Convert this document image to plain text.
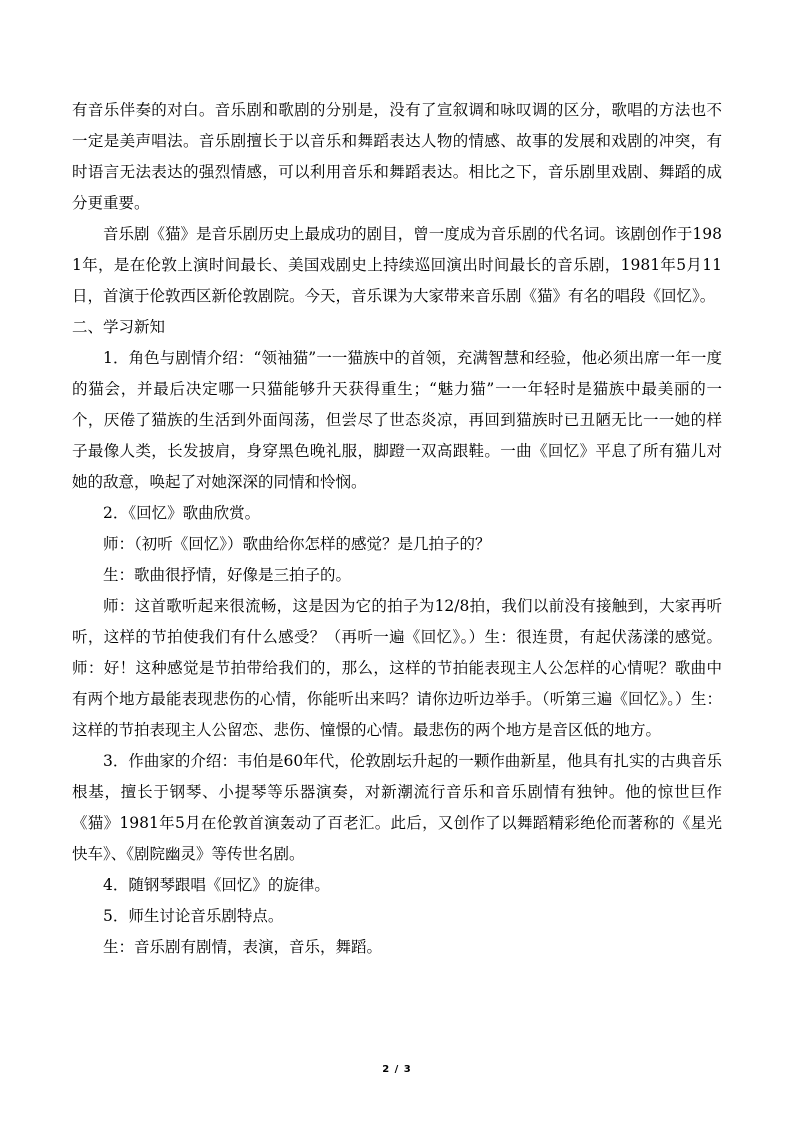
有音乐伴奏的对白。音乐剧和歌剧的分别是，没有了宣叙调和咏叹调的区分，歌唱的方法也不一定是美声唱法。音乐剧擅长于以音乐和舞蹈表达人物的情感、故事的发展和戏剧的冲突，有时语言无法表达的强烈情感，可以利用音乐和舞蹈表达。相比之下，音乐剧里戏剧、舞蹈的成分更重要。

音乐剧《猫》是音乐剧历史上最成功的剧目，曾一度成为音乐剧的代名词。该剧创作于1981年，是在伦敦上演时间最长、美国戏剧史上持续巡回演出时间最长的音乐剧，1981年5月11日，首演于伦敦西区新伦敦剧院。今天，音乐课为大家带来音乐剧《猫》有名的唱段《回忆》。

二、学习新知

1．角色与剧情介绍：“领袖猫”一一猫族中的首领，充满智慧和经验，他必须出席一年一度的猫会，并最后决定哪一只猫能够升天获得重生；“魅力猫”一一年轻时是猫族中最美丽的一个，厌倦了猫族的生活到外面闯荡，但尝尽了世态炎凉，再回到猫族时已丑陋无比一一她的样子最像人类，长发披肩，身穿黑色晚礼服，脚蹬一双高跟鞋。一曲《回忆》平息了所有猫儿对她的敌意，唤起了对她深深的同情和怜悯。

2．《回忆》歌曲欣赏。

师：（初听《回忆》）歌曲给你怎样的感觉？是几拍子的？

生：歌曲很抒情，好像是三拍子的。

师：这首歌听起来很流畅，这是因为它的拍子为12/8拍，我们以前没有接触到，大家再听听，这样的节拍使我们有什么感受？（再听一遍《回忆》。）生：很连贯，有起伏荡漾的感觉。师：好！这种感觉是节拍带给我们的，那么，这样的节拍能表现主人公怎样的心情呢？歌曲中有两个地方最能表现悲伤的心情，你能听出来吗？请你边听边举手。（听第三遍《回忆》。）生：这样的节拍表现主人公留恋、悲伤、憧憬的心情。最悲伤的两个地方是音区低的地方。

3．作曲家的介绍：韦伯是60年代，伦敦剧坛升起的一颗作曲新星，他具有扎实的古典音乐根基，擅长于钢琴、小提琴等乐器演奏，对新潮流行音乐和音乐剧情有独钟。他的惊世巨作《猫》1981年5月在伦敦首演轰动了百老汇。此后，又创作了以舞蹈精彩绝伦而著称的《星光快车》、《剧院幽灵》等传世名剧。

4．随钢琴跟唱《回忆》的旋律。

5．师生讨论音乐剧特点。

生：音乐剧有剧情，表演，音乐，舞蹈。

2 / 3
